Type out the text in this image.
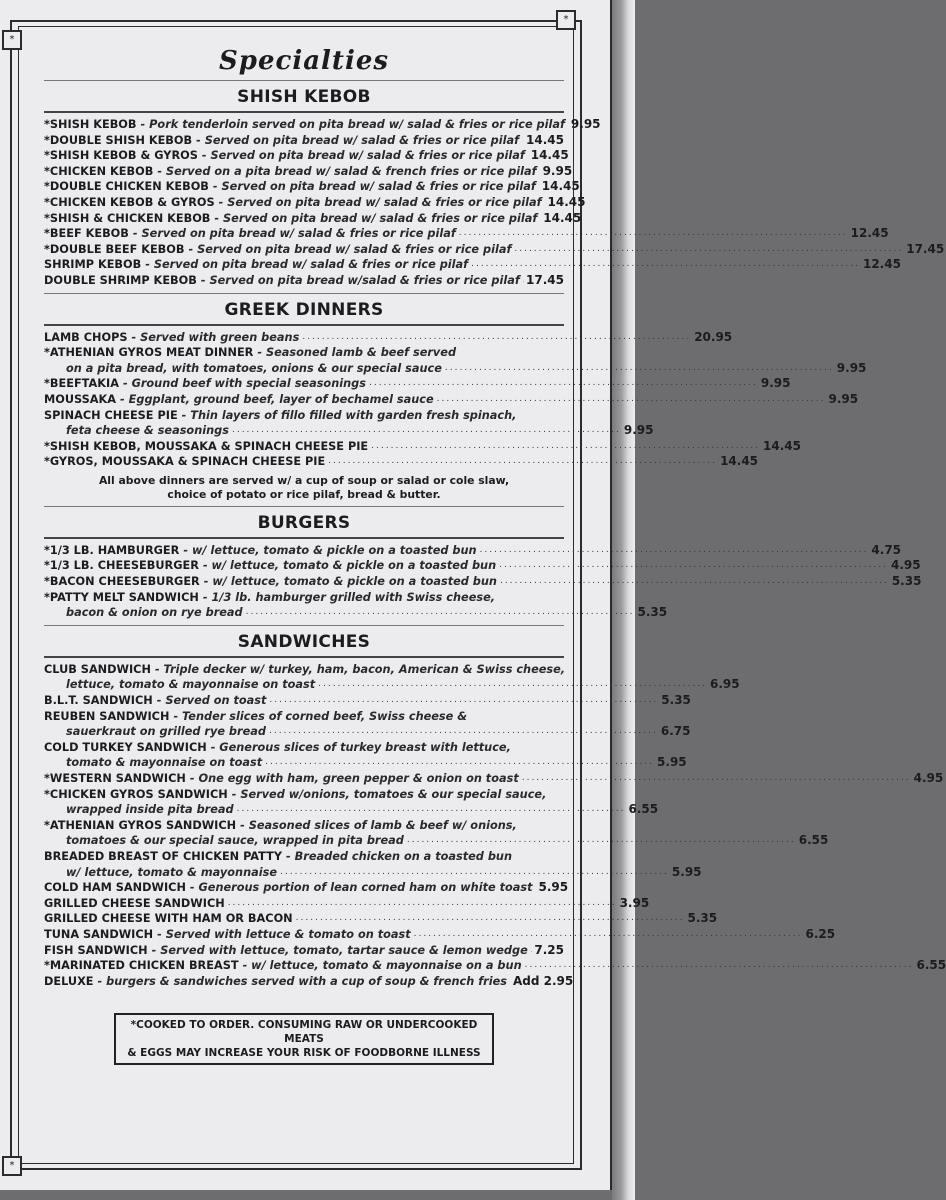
*
*
*
Specialties
SHISH KEBOB
*SHISH KEBOB - Pork tenderloin served on pita bread w/ salad & fries or rice pilaf 9.95
*DOUBLE SHISH KEBOB - Served on pita bread w/ salad & fries or rice pilaf 14.45
*SHISH KEBOB & GYROS - Served on pita bread w/ salad & fries or rice pilaf 14.45
*CHICKEN KEBOB - Served on a pita bread w/ salad & french fries or rice pilaf 9.95
*DOUBLE CHICKEN KEBOB - Served on pita bread w/ salad & fries or rice pilaf 14.45
*CHICKEN KEBOB & GYROS - Served on pita bread w/ salad & fries or rice pilaf 14.45
*SHISH & CHICKEN KEBOB - Served on pita bread w/ salad & fries or rice pilaf 14.45
*BEEF KEBOB - Served on pita bread w/ salad & fries or rice pilaf ................................................................................ 12.45
*DOUBLE BEEF KEBOB - Served on pita bread w/ salad & fries or rice pilaf ................................................................................ 17.45
SHRIMP KEBOB - Served on pita bread w/ salad & fries or rice pilaf ................................................................................ 12.45
DOUBLE SHRIMP KEBOB - Served on pita bread w/salad & fries or rice pilaf 17.45
GREEK DINNERS
LAMB CHOPS - Served with green beans ................................................................................ 20.95
*ATHENIAN GYROS MEAT DINNER - Seasoned lamb & beef served
on a pita bread, with tomatoes, onions & our special sauce ................................................................................ 9.95
*BEEFTAKIA - Ground beef with special seasonings ................................................................................ 9.95
MOUSSAKA - Eggplant, ground beef, layer of bechamel sauce ................................................................................ 9.95
SPINACH CHEESE PIE - Thin layers of fillo filled with garden fresh spinach,
feta cheese & seasonings ................................................................................ 9.95
*SHISH KEBOB, MOUSSAKA & SPINACH CHEESE PIE ................................................................................ 14.45
*GYROS, MOUSSAKA & SPINACH CHEESE PIE ................................................................................ 14.45
All above dinners are served w/ a cup of soup or salad or cole slaw,
choice of potato or rice pilaf, bread & butter.
BURGERS
*1/3 LB. HAMBURGER - w/ lettuce, tomato & pickle on a toasted bun ................................................................................ 4.75
*1/3 LB. CHEESEBURGER - w/ lettuce, tomato & pickle on a toasted bun ................................................................................ 4.95
*BACON CHEESEBURGER - w/ lettuce, tomato & pickle on a toasted bun ................................................................................ 5.35
*PATTY MELT SANDWICH - 1/3 lb. hamburger grilled with Swiss cheese,
bacon & onion on rye bread ................................................................................ 5.35
SANDWICHES
CLUB SANDWICH - Triple decker w/ turkey, ham, bacon, American & Swiss cheese,
lettuce, tomato & mayonnaise on toast ................................................................................ 6.95
B.L.T. SANDWICH - Served on toast ................................................................................ 5.35
REUBEN SANDWICH - Tender slices of corned beef, Swiss cheese &
sauerkraut on grilled rye bread ................................................................................ 6.75
COLD TURKEY SANDWICH - Generous slices of turkey breast with lettuce,
tomato & mayonnaise on toast ................................................................................ 5.95
*WESTERN SANDWICH - One egg with ham, green pepper & onion on toast ................................................................................ 4.95
*CHICKEN GYROS SANDWICH - Served w/onions, tomatoes & our special sauce,
wrapped inside pita bread ................................................................................ 6.55
*ATHENIAN GYROS SANDWICH - Seasoned slices of lamb & beef w/ onions,
tomatoes & our special sauce, wrapped in pita bread ................................................................................ 6.55
BREADED BREAST OF CHICKEN PATTY - Breaded chicken on a toasted bun
w/ lettuce, tomato & mayonnaise ................................................................................ 5.95
COLD HAM SANDWICH - Generous portion of lean corned ham on white toast 5.95
GRILLED CHEESE SANDWICH ................................................................................ 3.95
GRILLED CHEESE WITH HAM OR BACON ................................................................................ 5.35
TUNA SANDWICH - Served with lettuce & tomato on toast ................................................................................ 6.25
FISH SANDWICH - Served with lettuce, tomato, tartar sauce & lemon wedge 7.25
*MARINATED CHICKEN BREAST - w/ lettuce, tomato & mayonnaise on a bun ................................................................................ 6.55
DELUXE - burgers & sandwiches served with a cup of soup & french fries Add 2.95
*COOKED TO ORDER. CONSUMING RAW OR UNDERCOOKED MEATS
& EGGS MAY INCREASE YOUR RISK OF FOODBORNE ILLNESS
